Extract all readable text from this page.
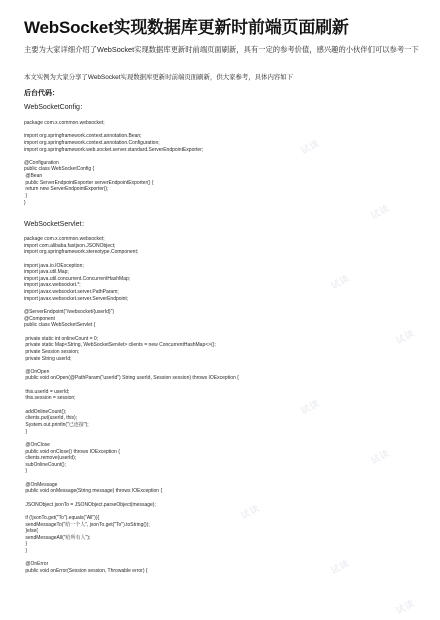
WebSocket实现数据库更新时前端页面刷新

主要为大家详细介绍了WebSocket实现数据库更新时前端页面刷新，具有一定的参考价值，感兴趣的小伙伴们可以参考一下

本文实例为大家分享了WebSocket实现数据库更新时前端页面刷新，供大家参考，具体内容如下

后台代码：

WebSocketConfig：

package com.x.common.websocket;
import org.springframework.context.annotation.Bean;
import org.springframework.context.annotation.Configuration;
import org.springframework.web.socket.server.standard.ServerEndpointExporter;
@Configuration
public class WebSocketConfig {
@Bean
public ServerEndpointExporter serverEndpointExporter() {
return new ServerEndpointExporter();
}
}

WebSocketServlet：

package com.x.common.websocket;
import com.alibaba.fastjson.JSONObject;
import org.springframework.stereotype.Component;
import java.io.IOException;
import java.util.Map;
import java.util.concurrent.ConcurrentHashMap;
import javax.websocket.*;
import javax.websocket.server.PathParam;
import javax.websocket.server.ServerEndpoint;
@ServerEndpoint("/websocket/{userId}")
@Component
public class WebSocketServlet {
private static int onlineCount = 0;
private static Map<String, WebSocketServlet> clients = new ConcurrentHashMap<>();
private Session session;
private String userId;
@OnOpen
public void onOpen(@PathParam("userId") String userId, Session session) throws IOException {
this.userId = userId;
this.session = session;
addOnlineCount();
clients.put(userId, this);
System.out.println("已连接");
}
@OnClose
public void onClose() throws IOException {
clients.remove(userId);
subOnlineCount();
}
@OnMessage
public void onMessage(String message) throws IOException {
JSONObject jsonTo = JSONObject.parseObject(message);
if (!jsonTo.get("To").equals("All")){
sendMessageTo("给一个人", jsonTo.get("To").toString());
}else{
sendMessageAll("给所有人");
}
}
@OnError
public void onError(Session session, Throwable error) {
试读
试读
试读
试读
试读
试读
试读
试读
试读
